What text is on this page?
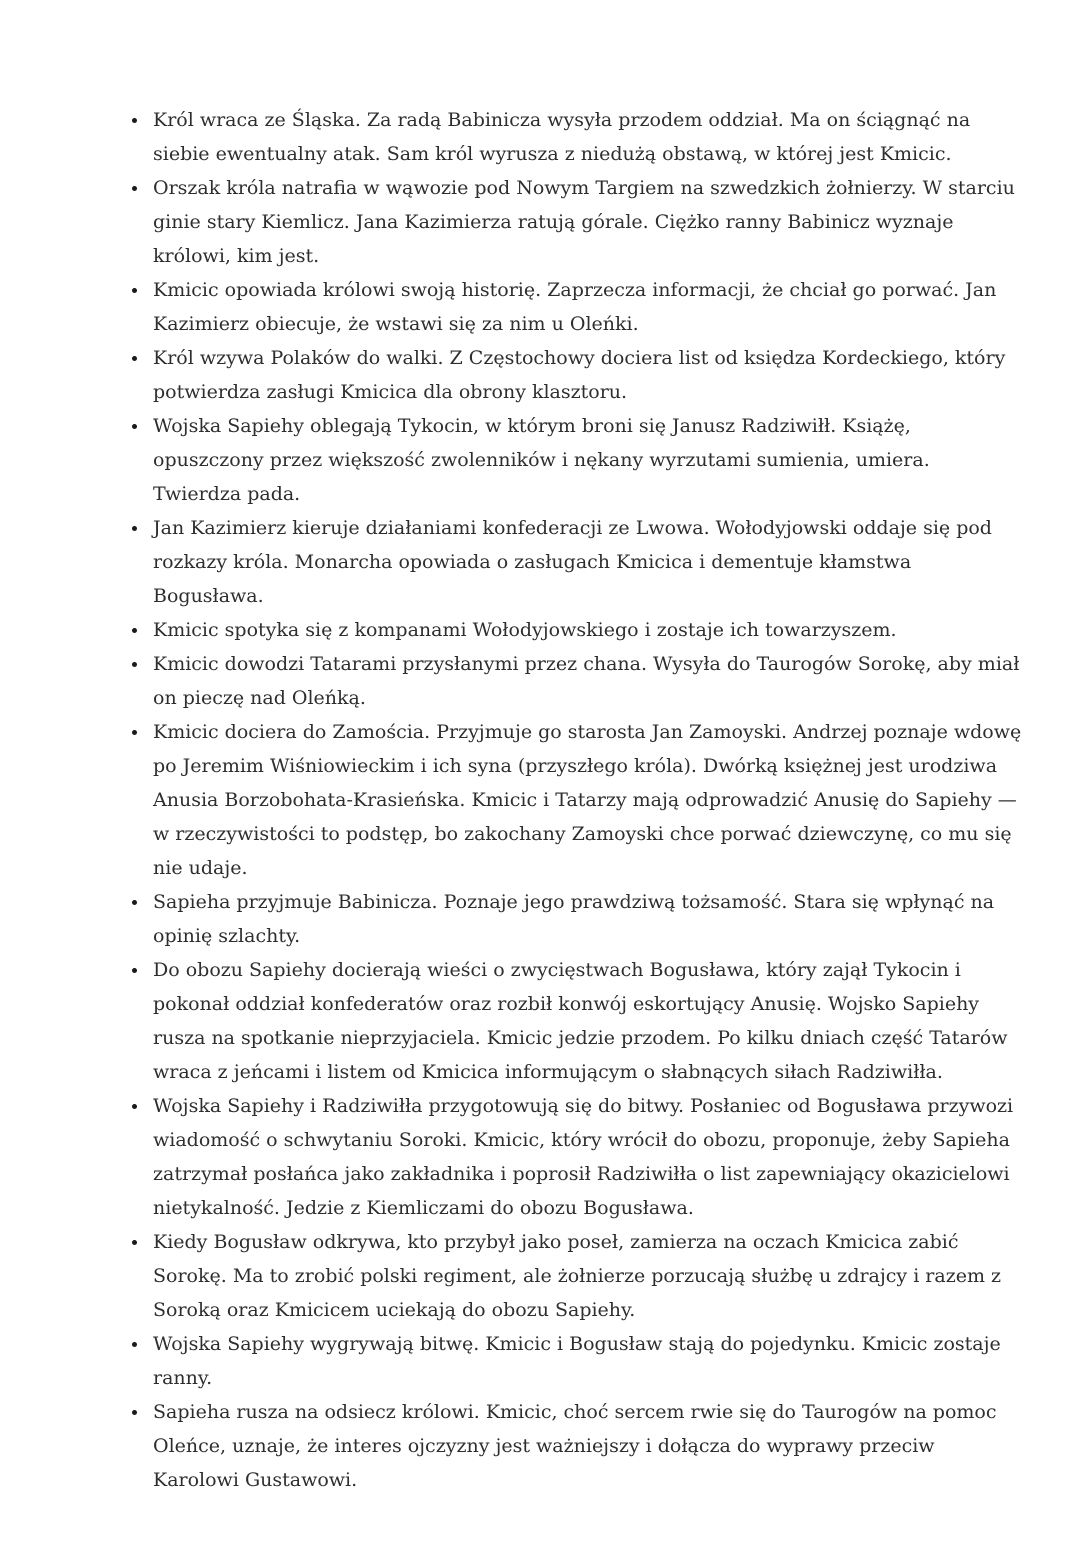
• Król wraca ze Śląska. Za radą Babinicza wysyła przodem oddział. Ma on ściągnąć na siebie ewentualny atak. Sam król wyrusza z niedużą obstawą, w której jest Kmicic.
• Orszak króla natrafia w wąwozie pod Nowym Targiem na szwedzkich żołnierzy. W starciu ginie stary Kiemlicz. Jana Kazimierza ratują górale. Ciężko ranny Babinicz wyznaje królowi, kim jest.
• Kmicic opowiada królowi swoją historię. Zaprzecza informacji, że chciał go porwać. Jan Kazimierz obiecuje, że wstawi się za nim u Oleńki.
• Król wzywa Polaków do walki. Z Częstochowy dociera list od księdza Kordeckiego, który potwierdza zasługi Kmicica dla obrony klasztoru.
• Wojska Sapiehy oblegają Tykocin, w którym broni się Janusz Radziwiłł. Książę, opuszczony przez większość zwolenników i nękany wyrzutami sumienia, umiera. Twierdza pada.
• Jan Kazimierz kieruje działaniami konfederacji ze Lwowa. Wołodyjowski oddaje się pod rozkazy króla. Monarcha opowiada o zasługach Kmicica i dementuje kłamstwa Bogusława.
• Kmicic spotyka się z kompanami Wołodyjowskiego i zostaje ich towarzyszem.
• Kmicic dowodzi Tatarami przysłanymi przez chana. Wysyła do Taurogów Sorokę, aby miał on pieczę nad Oleńką.
• Kmicic dociera do Zamościa. Przyjmuje go starosta Jan Zamoyski. Andrzej poznaje wdowę po Jeremim Wiśniowieckim i ich syna (przyszłego króla). Dwórką księżnej jest urodziwa Anusia Borzobohata-Krasieńska. Kmicic i Tatarzy mają odprowadzić Anusię do Sapiehy — w rzeczywistości to podstęp, bo zakochany Zamoyski chce porwać dziewczynę, co mu się nie udaje.
• Sapieha przyjmuje Babinicza. Poznaje jego prawdziwą tożsamość. Stara się wpłynąć na opinię szlachty.
• Do obozu Sapiehy docierają wieści o zwycięstwach Bogusława, który zajął Tykocin i pokonał oddział konfederatów oraz rozbił konwój eskortujący Anusię. Wojsko Sapiehy rusza na spotkanie nieprzyjaciela. Kmicic jedzie przodem. Po kilku dniach część Tatarów wraca z jeńcami i listem od Kmicica informującym o słabnących siłach Radziwiłła.
• Wojska Sapiehy i Radziwiłła przygotowują się do bitwy. Posłaniec od Bogusława przywozi wiadomość o schwytaniu Soroki. Kmicic, który wrócił do obozu, proponuje, żeby Sapieha zatrzymał posłańca jako zakładnika i poprosił Radziwiłła o list zapewniający okazicielowi nietykalność. Jedzie z Kiemliczami do obozu Bogusława.
• Kiedy Bogusław odkrywa, kto przybył jako poseł, zamierza na oczach Kmicica zabić Sorokę. Ma to zrobić polski regiment, ale żołnierze porzucają służbę u zdrajcy i razem z Soroką oraz Kmicicem uciekają do obozu Sapiehy.
• Wojska Sapiehy wygrywają bitwę. Kmicic i Bogusław stają do pojedynku. Kmicic zostaje ranny.
• Sapieha rusza na odsiecz królowi. Kmicic, choć sercem rwie się do Taurogów na pomoc Oleńce, uznaje, że interes ojczyzny jest ważniejszy i dołącza do wyprawy przeciw Karolowi Gustawowi.
